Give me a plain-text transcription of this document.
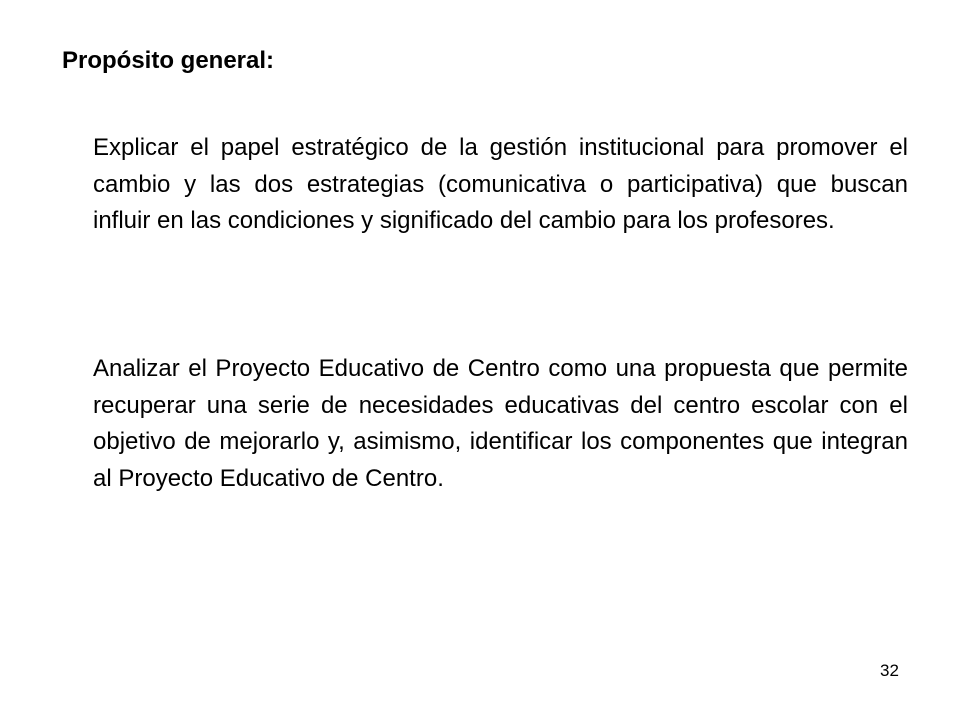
Propósito general:

Explicar el papel estratégico de la gestión institucional para promover el cambio y las dos estrategias (comunicativa o participativa) que buscan influir en las condiciones y significado del cambio para los profesores.

Analizar el Proyecto Educativo de Centro como una propuesta que permite recuperar una serie de necesidades educativas del centro escolar con el objetivo de mejorarlo y, asimismo, identificar los componentes que integran al Proyecto Educativo de Centro.

32
